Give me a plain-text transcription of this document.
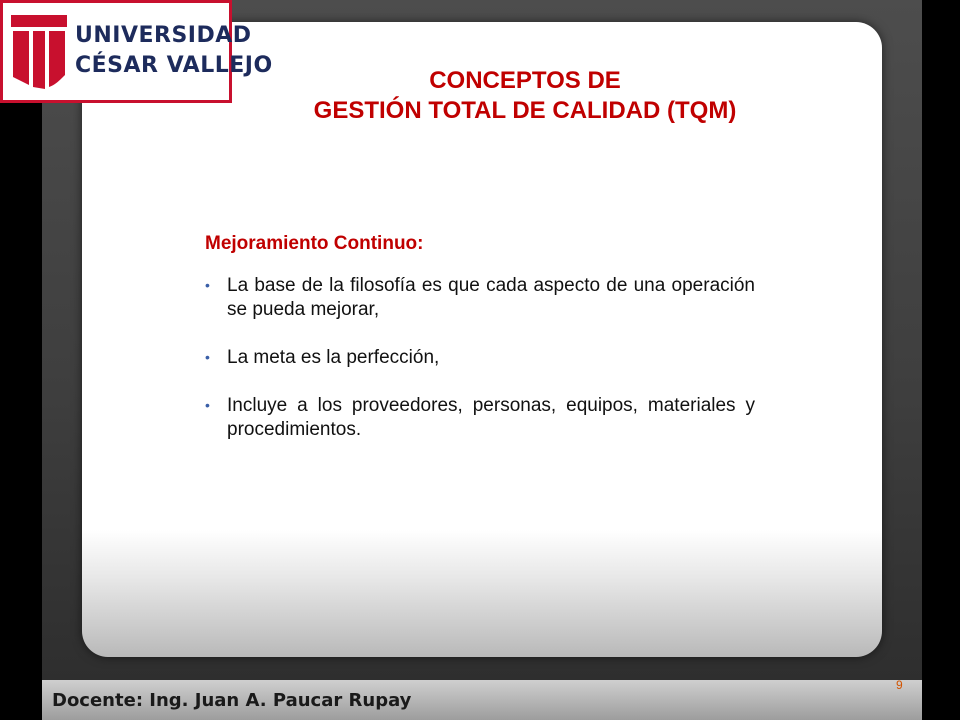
UNIVERSIDAD
CÉSAR VALLEJO
CONCEPTOS DE
GESTIÓN TOTAL DE CALIDAD (TQM)
Mejoramiento Continuo:
• La base de la filosofía es que cada aspecto de una operación se pueda mejorar,
• La meta es la perfección,
• Incluye a los proveedores, personas, equipos, materiales y procedimientos.
9
Docente: Ing. Juan A. Paucar Rupay
